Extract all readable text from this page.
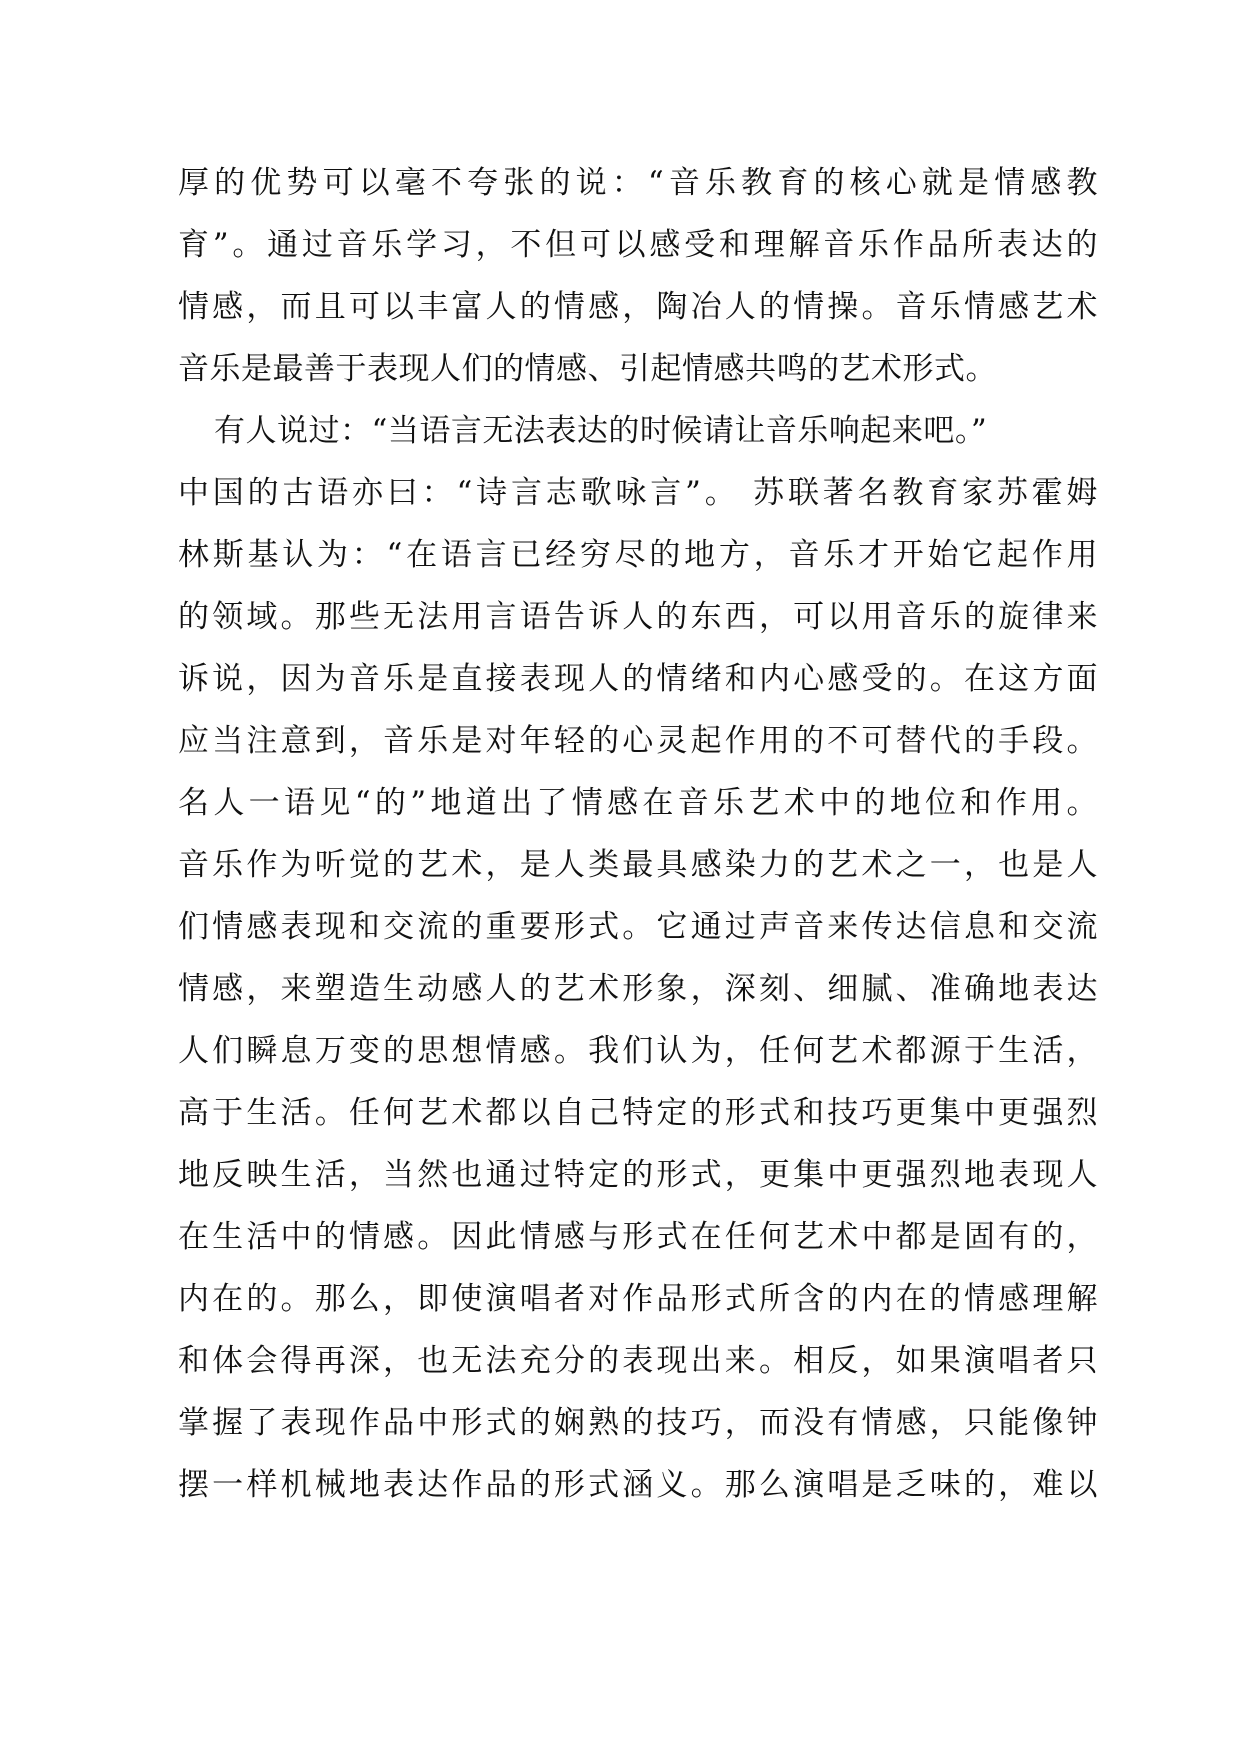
厚的优势可以毫不夸张的说：“音乐教育的核心就是情感教
育”。通过音乐学习，不但可以感受和理解音乐作品所表达的
情感，而且可以丰富人的情感，陶冶人的情操。音乐情感艺术
音乐是最善于表现人们的情感、引起情感共鸣的艺术形式。
有人说过：“当语言无法表达的时候请让音乐响起来吧。”
中国的古语亦曰：“诗言志歌咏言”。 苏联著名教育家苏霍姆
林斯基认为：“在语言已经穷尽的地方，音乐才开始它起作用
的领域。那些无法用言语告诉人的东西，可以用音乐的旋律来
诉说，因为音乐是直接表现人的情绪和内心感受的。在这方面
应当注意到，音乐是对年轻的心灵起作用的不可替代的手段。
名人一语见“的”地道出了情感在音乐艺术中的地位和作用。
音乐作为听觉的艺术，是人类最具感染力的艺术之一，也是人
们情感表现和交流的重要形式。它通过声音来传达信息和交流
情感，来塑造生动感人的艺术形象，深刻、细腻、准确地表达
人们瞬息万变的思想情感。我们认为，任何艺术都源于生活，
高于生活。任何艺术都以自己特定的形式和技巧更集中更强烈
地反映生活，当然也通过特定的形式，更集中更强烈地表现人
在生活中的情感。因此情感与形式在任何艺术中都是固有的，
内在的。那么，即使演唱者对作品形式所含的内在的情感理解
和体会得再深，也无法充分的表现出来。相反，如果演唱者只
掌握了表现作品中形式的娴熟的技巧，而没有情感，只能像钟
摆一样机械地表达作品的形式涵义。那么演唱是乏味的，难以
